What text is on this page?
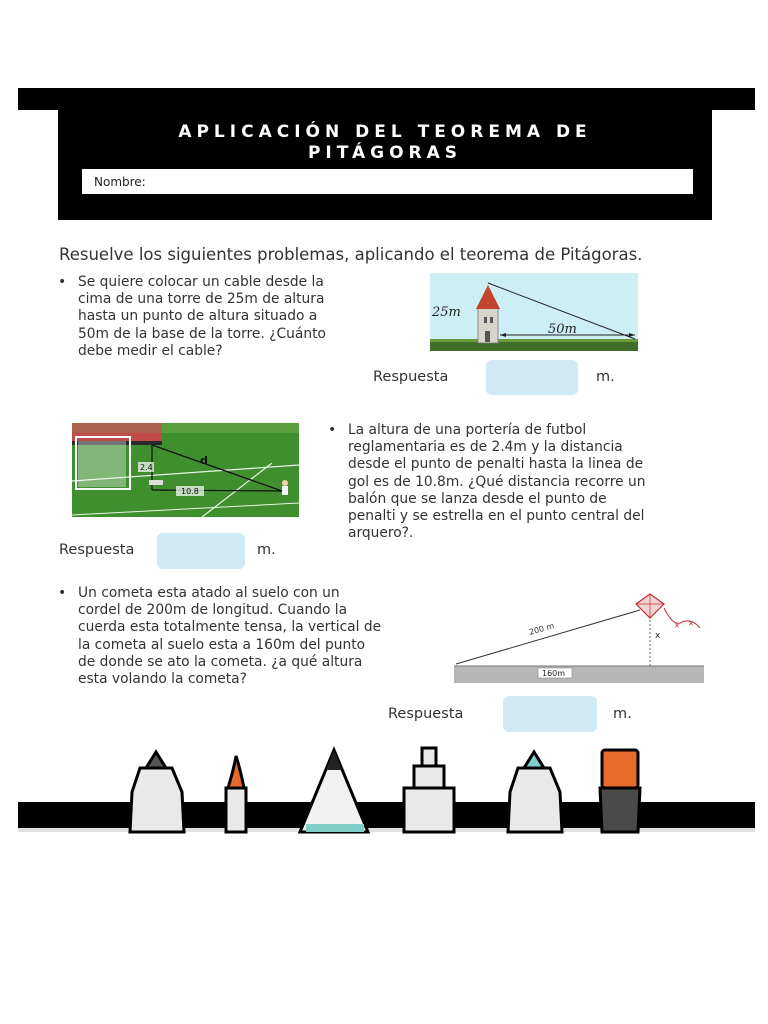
APLICACIÓN DEL TEOREMA DE
PITÁGORAS
Nombre:
Resuelve los siguientes problemas, aplicando el teorema de Pitágoras.
• Se quiere colocar un cable desde la
cima de una torre de 25m de altura
hasta un punto de altura situado a
50m de la base de la torre. ¿Cuánto
debe medir el cable?
25m
50m
Respuesta	m.
2.4
d
10.8
• La altura de una portería de futbol
reglamentaria es de 2.4m y la distancia
desde el punto de penalti hasta la linea de
gol es de 10.8m. ¿Qué distancia recorre un
balón que se lanza desde el punto de
penalti y se estrella en el punto central del
arquero?.
Respuesta	m.
• Un cometa esta atado al suelo con un
cordel de 200m de longitud. Cuando la
cuerda esta totalmente tensa, la vertical de
la cometa al suelo esta a 160m del punto
de donde se ato la cometa. ¿a qué altura
esta volando la cometa?
✕ ✕
200 m	x
160m
Respuesta	m.
